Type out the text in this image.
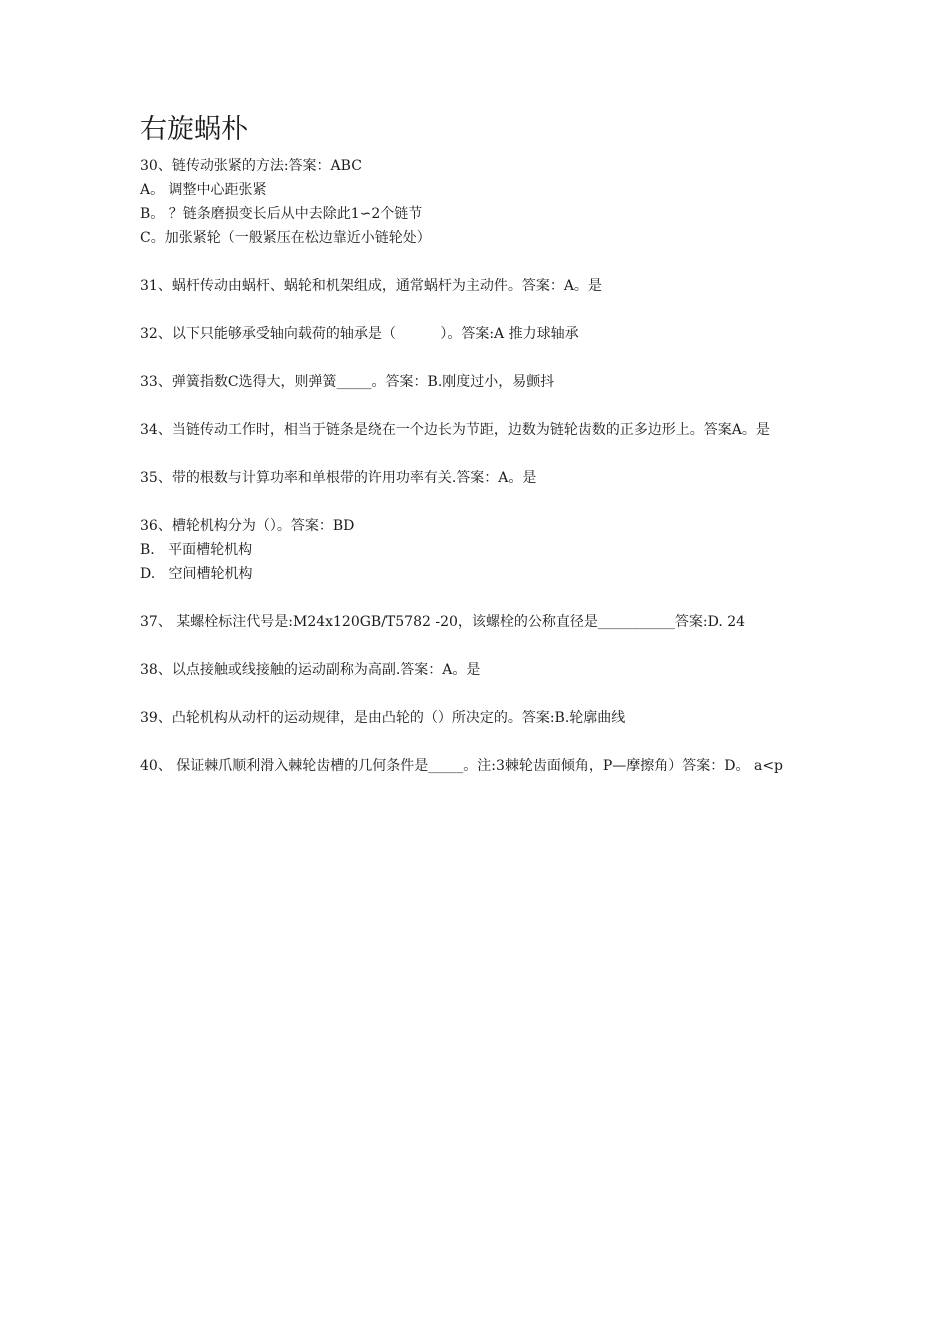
右旋蜗朴
30、链传动张紧的方法:答案：ABC
A。 调整中心距张紧
B。 ？链条磨损变长后从中去除此1∽2个链节
C。加张紧轮（一般紧压在松边靠近小链轮处）
31、蜗杆传动由蜗杆、蜗轮和机架组成，通常蜗杆为主动件。答案：A。是
32、以下只能够承受轴向载荷的轴承是（          ）。答案:A 推力球轴承
33、弹簧指数C选得大，则弹簧_____。答案：B.刚度过小，易颤抖
34、当链传动工作时，相当于链条是绕在一个边长为节距，边数为链轮齿数的正多边形上。答案A。是
35、带的根数与计算功率和单根带的许用功率有关.答案：A。是
36、槽轮机构分为（）。答案：BD
B.   平面槽轮机构
D.   空间槽轮机构
37、 某螺栓标注代号是:M24x120GB/T5782 -20，该螺栓的公称直径是___________答案:D. 24
38、以点接触或线接触的运动副称为高副.答案：A。是
39、凸轮机构从动杆的运动规律，是由凸轮的（）所决定的。答案:B.轮廓曲线
40、 保证棘爪顺利滑入棘轮齿槽的几何条件是_____。注:3棘轮齿面倾角，P—摩擦角）答案：D。 a<p
